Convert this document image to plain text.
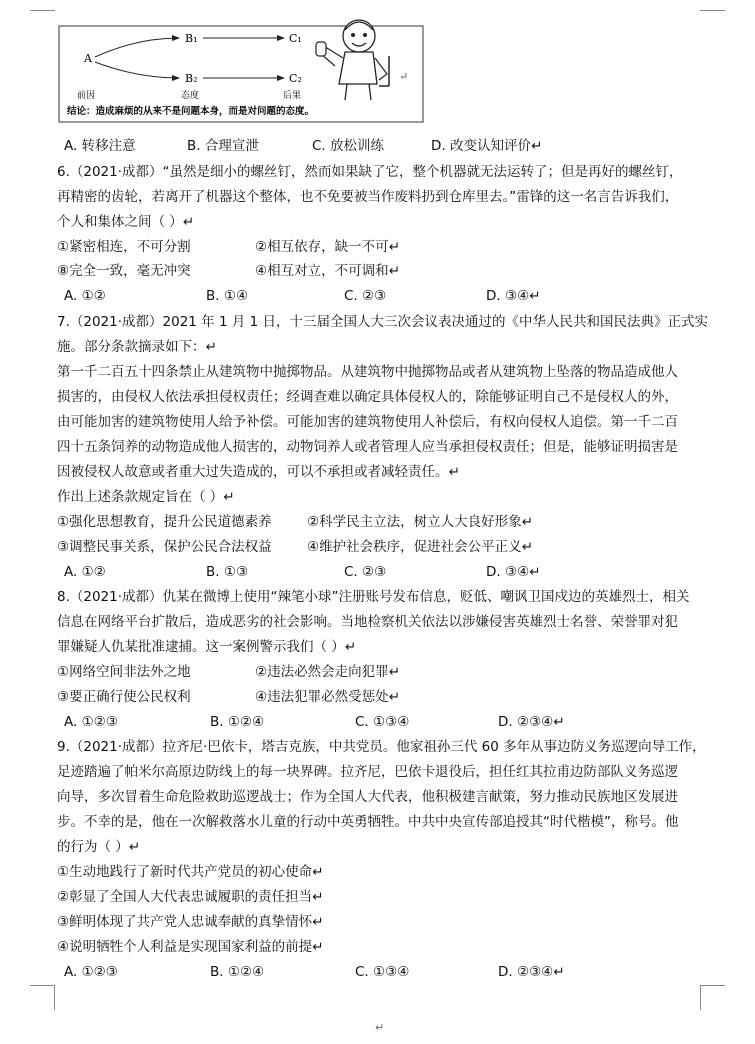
A
B₁
B₂
C₁
C₂
前因	态度	后果
结论：造成麻烦的从来不是问题本身，而是对问题的态度。
↵
A. 转移注意	B. 合理宣泄	C. 放松训练	D. 改变认知评价↵
6.（2021·成都）“虽然是细小的螺丝钉，然而如果缺了它，整个机器就无法运转了；但是再好的螺丝钉，
再精密的齿轮，若离开了机器这个整体，也不免要被当作废料扔到仓库里去。”雷锋的这一名言告诉我们，
个人和集体之间（ ）↵
①紧密相连，不可分割	②相互依存，缺一不可↵
⑧完全一致，毫无冲突	④相互对立，不可调和↵
A. ①②	B. ①④	C. ②③	D. ③④↵
7.（2021·成都）2021 年 1 月 1 日，十三届全国人大三次会议表决通过的《中华人民共和国民法典》正式实
施。部分条款摘录如下：↵
第一千二百五十四条禁止从建筑物中抛掷物品。从建筑物中抛掷物品或者从建筑物上坠落的物品造成他人
损害的，由侵权人依法承担侵权责任；经调查难以确定具体侵权人的，除能够证明自己不是侵权人的外，
由可能加害的建筑物使用人给予补偿。可能加害的建筑物使用人补偿后，有权向侵权人追偿。第一千二百
四十五条饲养的动物造成他人损害的，动物饲养人或者管理人应当承担侵权责任；但是，能够证明损害是
因被侵权人故意或者重大过失造成的，可以不承担或者减轻责任。↵
作出上述条款规定旨在（ ）↵
①强化思想教育，提升公民道德素养	②科学民主立法，树立人大良好形象↵
③调整民事关系，保护公民合法权益	④维护社会秩序，促进社会公平正义↵
A. ①②	B. ①③	C. ②③	D. ③④↵
8.（2021·成都）仇某在微博上使用“辣笔小球”注册账号发布信息，贬低、嘲讽卫国戍边的英雄烈士，相关
信息在网络平台扩散后，造成恶劣的社会影响。当地检察机关依法以涉嫌侵害英雄烈士名誉、荣誉罪对犯
罪嫌疑人仇某批准逮捕。这一案例警示我们（ ）↵
①网络空间非法外之地	②违法必然会走向犯罪↵
③要正确行使公民权利	④违法犯罪必然受惩处↵
A. ①②③	B. ①②④	C. ①③④	D. ②③④↵
9.（2021·成都）拉齐尼·巴依卡，塔吉克族，中共党员。他家祖孙三代 60 多年从事边防义务巡逻向导工作，
足迹踏遍了帕米尔高原边防线上的每一块界碑。拉齐尼，巴依卡退役后，担任红其拉甫边防部队义务巡逻
向导，多次冒着生命危险救助巡逻战士；作为全国人大代表，他积极建言献策，努力推动民族地区发展进
步。不幸的是，他在一次解救落水儿童的行动中英勇牺牲。中共中央宣传部追授其“时代楷模”，称号。他
的行为（ ）↵
①生动地践行了新时代共产党员的初心使命↵
②彰显了全国人大代表忠诚履职的责任担当↵
③鲜明体现了共产党人忠诚奉献的真挚情怀↵
④说明牺牲个人利益是实现国家利益的前提↵
A. ①②③	B. ①②④	C. ①③④	D. ②③④↵
↵
